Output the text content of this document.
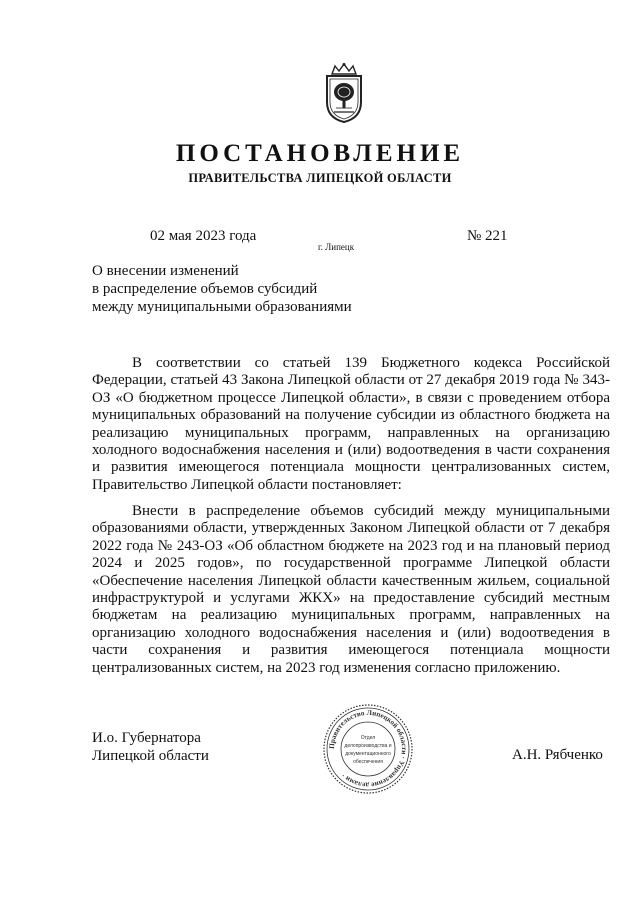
ПОСТАНОВЛЕНИЕ
ПРАВИТЕЛЬСТВА ЛИПЕЦКОЙ ОБЛАСТИ
02 мая 2023 года
г. Липецк
№ 221
О внесении изменений
в распределение объемов субсидий
между муниципальными образованиями

В соответствии со статьей 139 Бюджетного кодекса Российской Федерации, статьей 43 Закона Липецкой области от 27 декабря 2019 года № 343-ОЗ «О бюджетном процессе Липецкой области», в связи с проведением отбора муниципальных образований на получение субсидии из областного бюджета на реализацию муниципальных программ, направленных на организацию холодного водоснабжения населения и (или) водоотведения в части сохранения и развития имеющегося потенциала мощности централизованных систем, Правительство Липецкой области постановляет:

Внести в распределение объемов субсидий между муниципальными образованиями области, утвержденных Законом Липецкой области от 7 декабря 2022 года № 243-ОЗ «Об областном бюджете на 2023 год и на плановый период 2024 и 2025 годов», по государственной программе Липецкой области «Обеспечение населения Липецкой области качественным жильем, социальной инфраструктурой и услугами ЖКХ» на предоставление субсидий местным бюджетам на реализацию муниципальных программ, направленных на организацию холодного водоснабжения населения и (или) водоотведения в части сохранения и развития имеющегося потенциала мощности централизованных систем, на 2023 год изменения согласно приложению.

И.о. Губернатора
Липецкой области	А.Н. Рябченко
Правительство Липецкой области · Управление делами ·
Отдел
делопроизводства и
документационного
обеспечения
